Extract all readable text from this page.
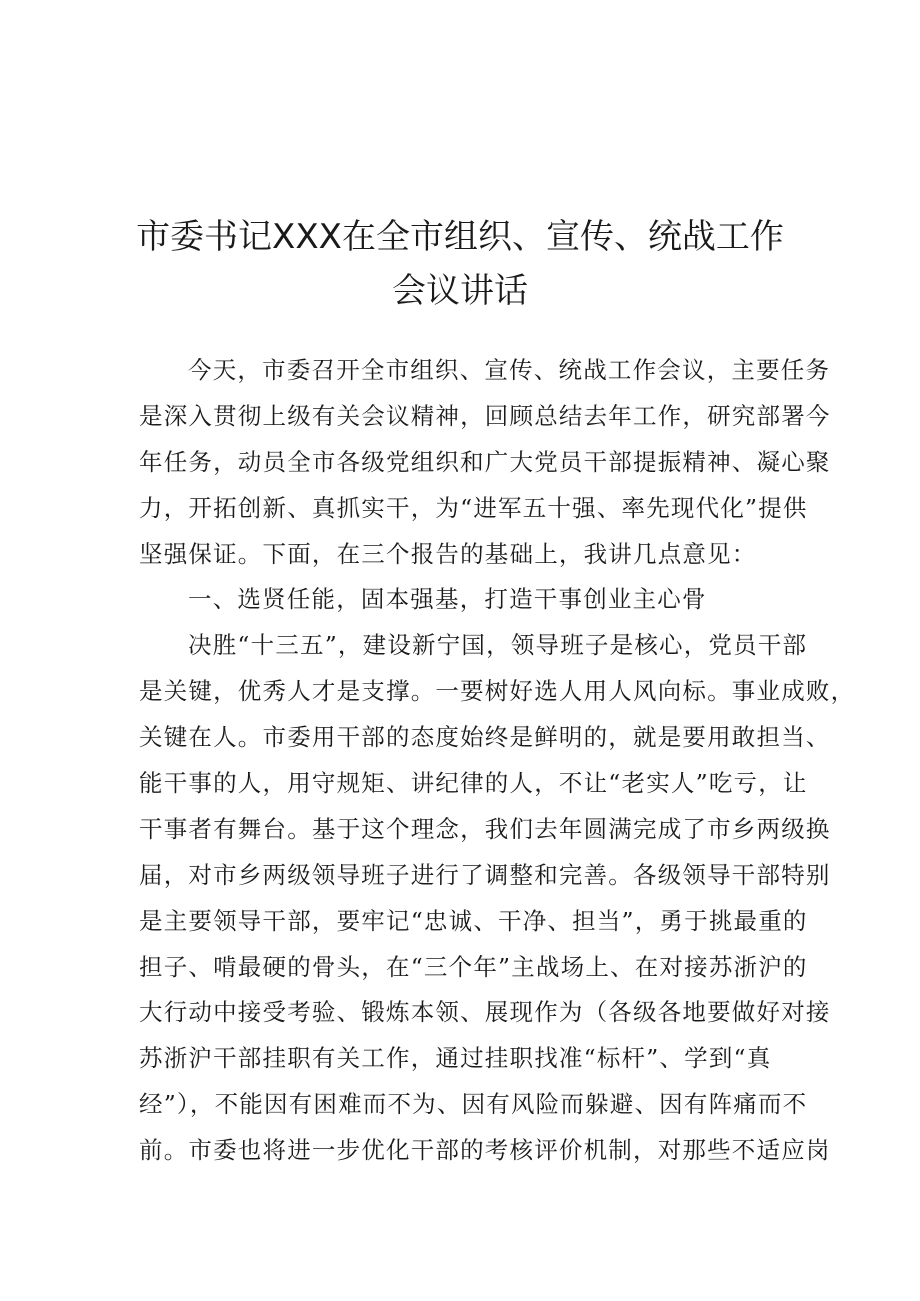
市委书记XXX在全市组织、宣传、统战工作
会议讲话
今天，市委召开全市组织、宣传、统战工作会议，主要任务
是深入贯彻上级有关会议精神，回顾总结去年工作，研究部署今
年任务，动员全市各级党组织和广大党员干部提振精神、凝心聚
力，开拓创新、真抓实干，为“进军五十强、率先现代化”提供
坚强保证。下面，在三个报告的基础上，我讲几点意见：
一、选贤任能，固本强基，打造干事创业主心骨
决胜“十三五”，建设新宁国，领导班子是核心，党员干部
是关键，优秀人才是支撑。一要树好选人用人风向标。事业成败，
关键在人。市委用干部的态度始终是鲜明的，就是要用敢担当、
能干事的人，用守规矩、讲纪律的人，不让“老实人”吃亏，让
干事者有舞台。基于这个理念，我们去年圆满完成了市乡两级换
届，对市乡两级领导班子进行了调整和完善。各级领导干部特别
是主要领导干部，要牢记“忠诚、干净、担当”，勇于挑最重的
担子、啃最硬的骨头，在“三个年”主战场上、在对接苏浙沪的
大行动中接受考验、锻炼本领、展现作为（各级各地要做好对接
苏浙沪干部挂职有关工作，通过挂职找准“标杆”、学到“真
经”），不能因有困难而不为、因有风险而躲避、因有阵痛而不
前。市委也将进一步优化干部的考核评价机制，对那些不适应岗
